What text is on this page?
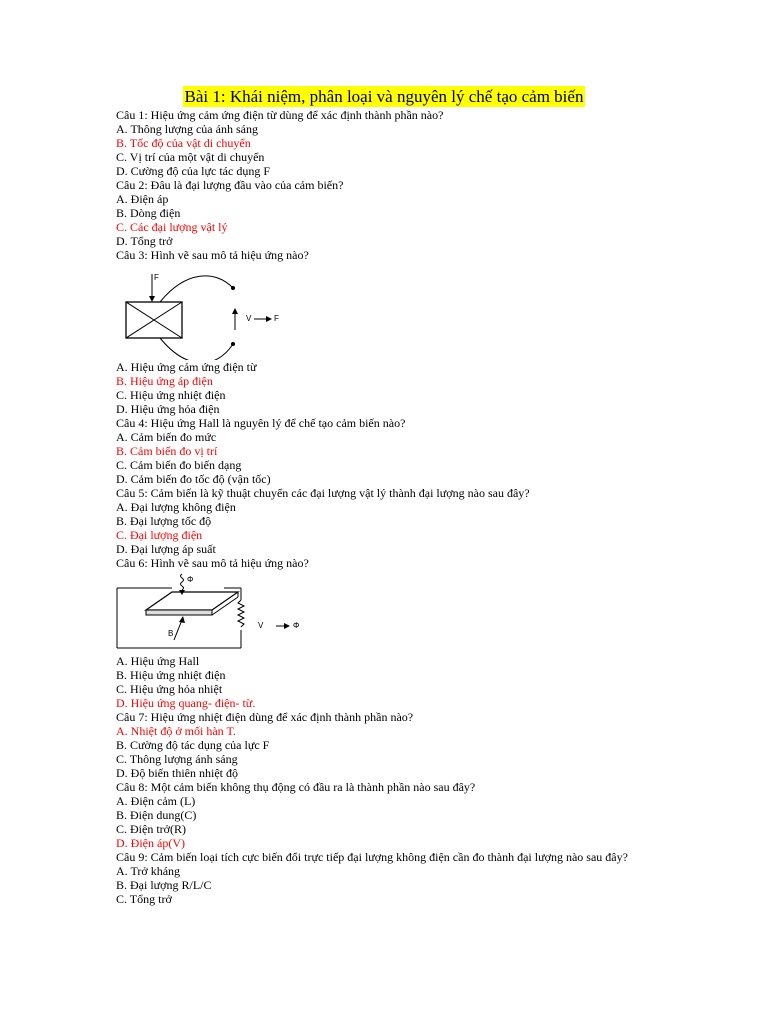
Bài 1: Khái niệm, phân loại và nguyên lý chế tạo cảm biến
Câu 1: Hiệu ứng cảm ứng điện từ dùng để xác định thành phần nào?
A. Thông lượng của ánh sáng
B. Tốc độ của vật di chuyển
C. Vị trí của một vật di chuyển
D. Cường độ của lực tác dụng F
Câu 2: Đâu là đại lượng đầu vào của cảm biến?
A. Điện áp
B. Dòng điện
C. Các đại lượng vật lý
D. Tổng trở
Câu 3: Hình vẽ sau mô tả hiệu ứng nào?
F
V	F
A. Hiệu ứng cảm ứng điện từ
B. Hiệu ứng áp điện
C. Hiệu ứng nhiệt điện
D. Hiệu ứng hỏa điện
Câu 4: Hiệu ứng Hall là nguyên lý để chế tạo cảm biến nào?
A. Cảm biến đo mức
B. Cảm biến đo vị trí
C. Cảm biến đo biến dạng
D. Cảm biến đo tốc độ (vận tốc)
Câu 5: Cảm biến là kỹ thuật chuyển các đại lượng vật lý thành đại lượng nào sau đây?
A. Đại lượng không điện
B. Đại lượng tốc độ
C. Đại lượng điện
D. Đại lượng áp suất
Câu 6: Hình vẽ sau mô tả hiệu ứng nào?
Φ
B
V	Φ
A. Hiệu ứng Hall
B. Hiệu ứng nhiệt điện
C. Hiệu ứng hỏa nhiệt
D. Hiệu ứng quang- điện- từ.
Câu 7: Hiệu ứng nhiệt điện dùng để xác định thành phần nào?
A. Nhiệt độ ở mối hàn T.
B. Cường độ tác dụng của lực F
C. Thông lượng ánh sáng
D. Độ biến thiên nhiệt độ
Câu 8: Một cảm biến không thụ động có đầu ra là thành phần nào sau đây?
A. Điện cảm (L)
B. Điện dung(C)
C. Điện trở(R)
D. Điện áp(V)
Câu 9: Cảm biến loại tích cực biến đổi trực tiếp đại lượng không điện cần đo thành đại lượng nào sau đây?
A. Trở kháng
B. Đại lượng R/L/C
C. Tổng trở
